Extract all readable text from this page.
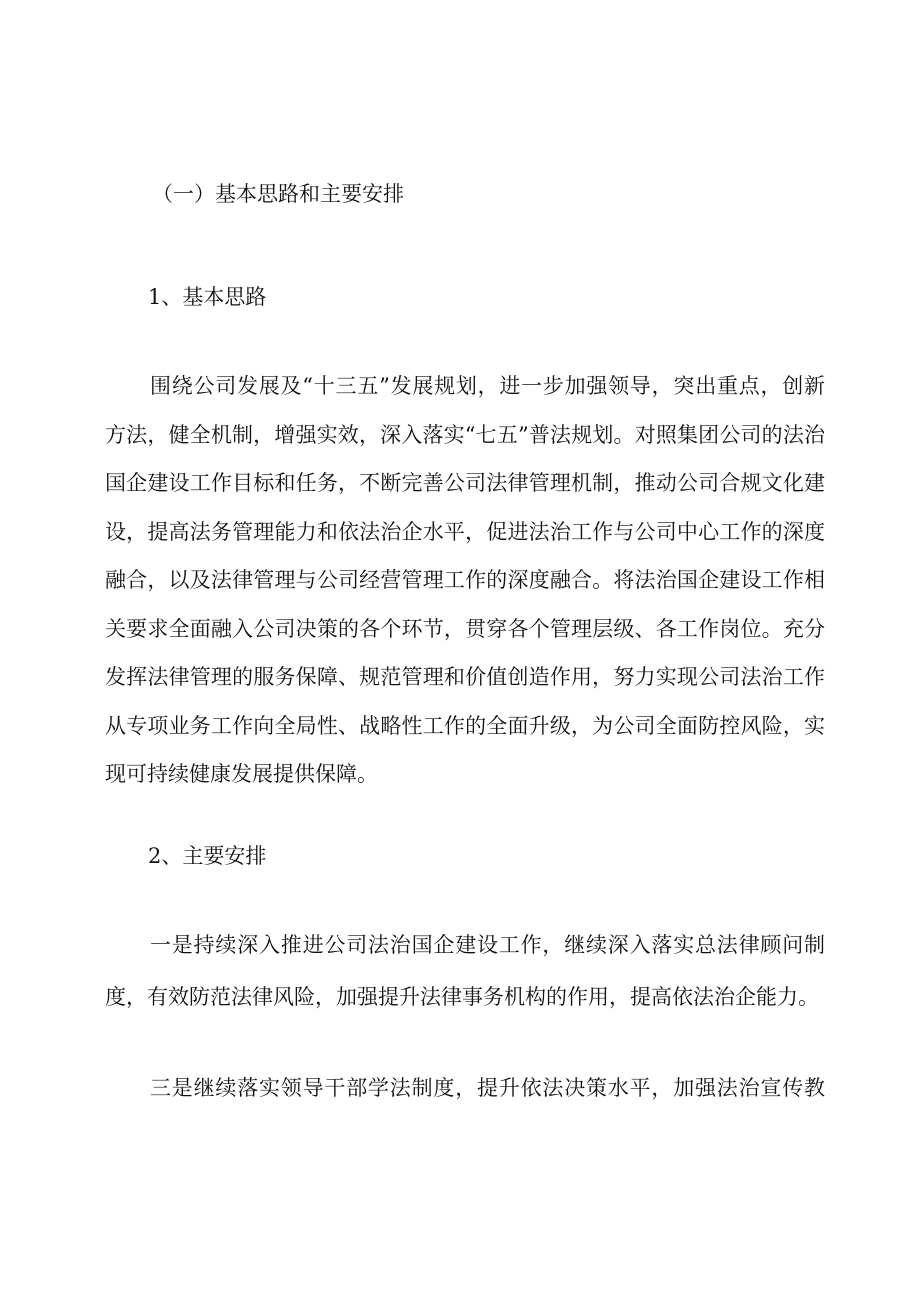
（一）基本思路和主要安排

1、基本思路

围绕公司发展及“十三五”发展规划，进一步加强领导，突出重点，创新

方法，健全机制，增强实效，深入落实“七五”普法规划。对照集团公司的法治

国企建设工作目标和任务，不断完善公司法律管理机制，推动公司合规文化建

设，提高法务管理能力和依法治企水平，促进法治工作与公司中心工作的深度

融合，以及法律管理与公司经营管理工作的深度融合。将法治国企建设工作相

关要求全面融入公司决策的各个环节，贯穿各个管理层级、各工作岗位。充分

发挥法律管理的服务保障、规范管理和价值创造作用，努力实现公司法治工作

从专项业务工作向全局性、战略性工作的全面升级，为公司全面防控风险，实

现可持续健康发展提供保障。

2、主要安排

一是持续深入推进公司法治国企建设工作，继续深入落实总法律顾问制

度，有效防范法律风险，加强提升法律事务机构的作用，提高依法治企能力。

三是继续落实领导干部学法制度，提升依法决策水平，加强法治宣传教
